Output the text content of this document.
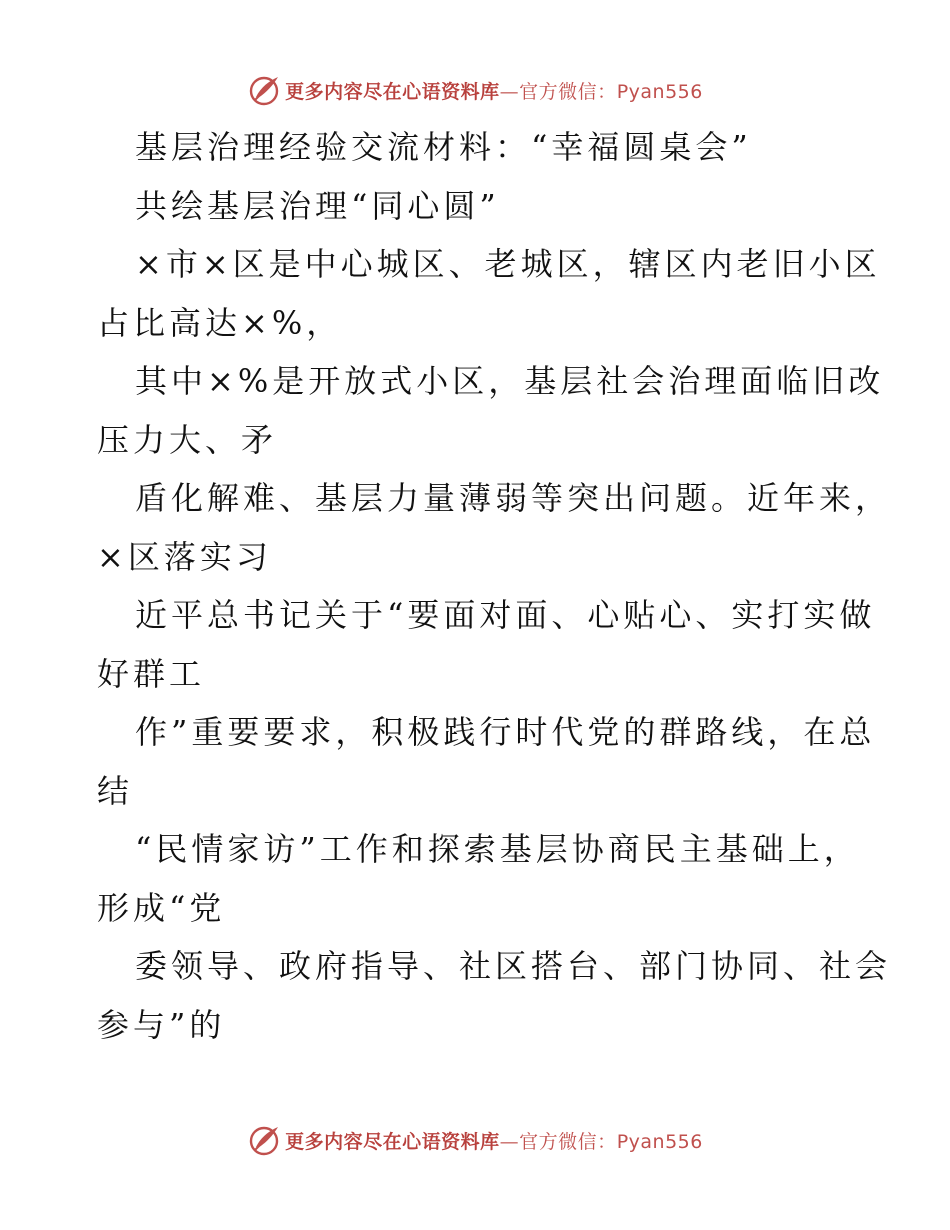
更多内容尽在心语资料库—官方微信：Pyan556
基层治理经验交流材料：“幸福圆桌会”
共绘基层治理“同心圆”
×市×区是中心城区、老城区，辖区内老旧小区
占比高达×%，
其中×%是开放式小区，基层社会治理面临旧改
压力大、矛
盾化解难、基层力量薄弱等突出问题。近年来，
×区落实习
近平总书记关于“要面对面、心贴心、实打实做
好群工
作”重要要求，积极践行时代党的群路线，在总
结
“民情家访”工作和探索基层协商民主基础上，
形成“党
委领导、政府指导、社区搭台、部门协同、社会
参与”的
更多内容尽在心语资料库—官方微信：Pyan556
